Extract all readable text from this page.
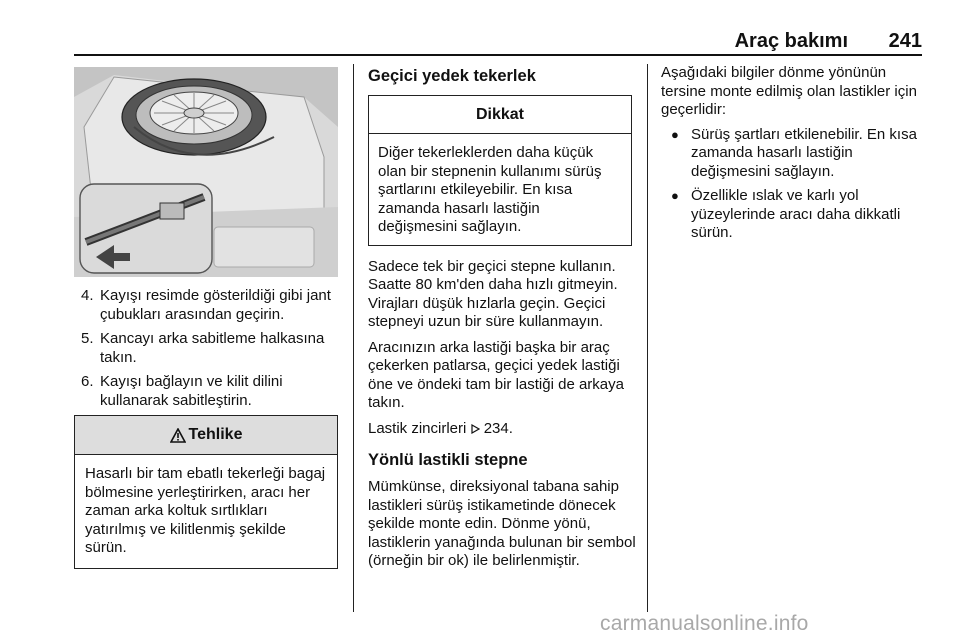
Araç bakımı 241
4. Kayışı resimde gösterildiği gibi jant çubukları arasından geçirin.
5. Kancayı arka sabitleme halkasına takın.
6. Kayışı bağlayın ve kilit dilini kullanarak sabitleştirin.
Tehlike
Hasarlı bir tam ebatlı tekerleği bagaj bölmesine yerleştirirken, aracı her zaman arka koltuk sırtlıkları yatırılmış ve kilitlenmiş şekilde sürün.
Geçici yedek tekerlek
Dikkat
Diğer tekerleklerden daha küçük olan bir stepnenin kullanımı sürüş şartlarını etkileyebilir. En kısa zamanda hasarlı lastiğin değişmesini sağlayın.

Sadece tek bir geçici stepne kullanın. Saatte 80 km'den daha hızlı gitmeyin. Virajları düşük hızlarla geçin. Geçici stepneyi uzun bir süre kullanmayın.

Aracınızın arka lastiği başka bir araç çekerken patlarsa, geçici yedek lastiği öne ve öndeki tam bir lastiği de arkaya takın.

Lastik zincirleri 234.

Yönlü lastikli stepne

Mümkünse, direksiyonal tabana sahip lastikleri sürüş istikametinde dönecek şekilde monte edin. Dönme yönü, lastiklerin yanağında bulunan bir sembol (örneğin bir ok) ile belirlenmiştir.

Aşağıdaki bilgiler dönme yönünün tersine monte edilmiş olan lastikler için geçerlidir:
● Sürüş şartları etkilenebilir. En kısa zamanda hasarlı lastiğin değişmesini sağlayın.
● Özellikle ıslak ve karlı yol yüzeylerinde aracı daha dikkatli sürün.
carmanualsonline.info
